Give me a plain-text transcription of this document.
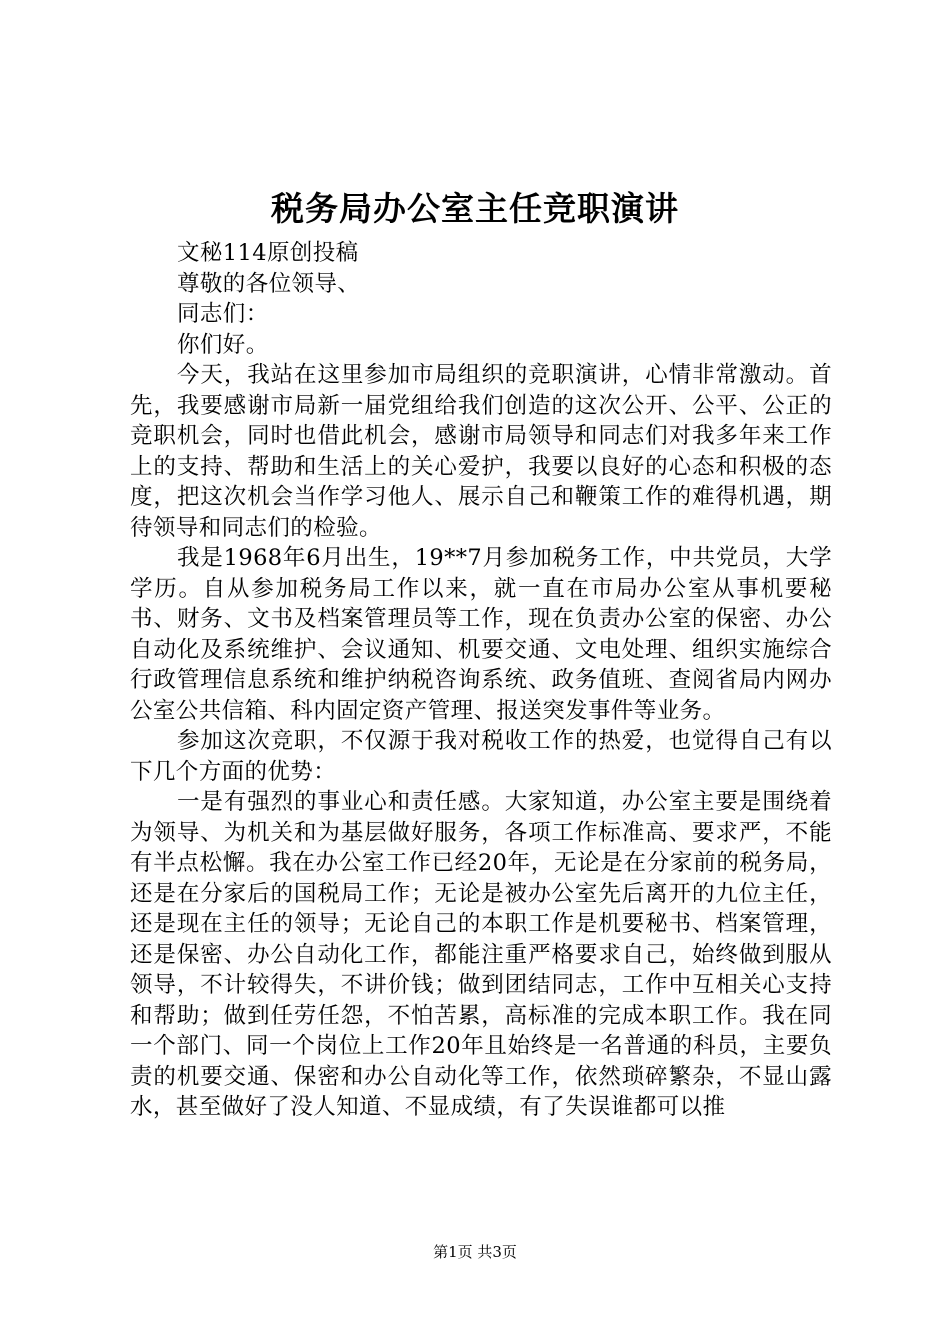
税务局办公室主任竞职演讲

文秘114原创投稿

尊敬的各位领导、

同志们：

你们好。

今天，我站在这里参加市局组织的竞职演讲，心情非常激动。首先，我要感谢市局新一届党组给我们创造的这次公开、公平、公正的竞职机会，同时也借此机会，感谢市局领导和同志们对我多年来工作上的支持、帮助和生活上的关心爱护，我要以良好的心态和积极的态度，把这次机会当作学习他人、展示自己和鞭策工作的难得机遇，期待领导和同志们的检验。

我是1968年6月出生，19**7月参加税务工作，中共党员，大学学历。自从参加税务局工作以来，就一直在市局办公室从事机要秘书、财务、文书及档案管理员等工作，现在负责办公室的保密、办公自动化及系统维护、会议通知、机要交通、文电处理、组织实施综合行政管理信息系统和维护纳税咨询系统、政务值班、查阅省局内网办公室公共信箱、科内固定资产管理、报送突发事件等业务。

参加这次竞职，不仅源于我对税收工作的热爱，也觉得自己有以下几个方面的优势：

一是有强烈的事业心和责任感。大家知道，办公室主要是围绕着为领导、为机关和为基层做好服务，各项工作标准高、要求严，不能有半点松懈。我在办公室工作已经20年，无论是在分家前的税务局，还是在分家后的国税局工作；无论是被办公室先后离开的九位主任，还是现在主任的领导；无论自己的本职工作是机要秘书、档案管理，还是保密、办公自动化工作，都能注重严格要求自己，始终做到服从领导，不计较得失，不讲价钱；做到团结同志，工作中互相关心支持和帮助；做到任劳任怨，不怕苦累，高标准的完成本职工作。我在同一个部门、同一个岗位上工作20年且始终是一名普通的科员，主要负责的机要交通、保密和办公自动化等工作，依然琐碎繁杂，不显山露水，甚至做好了没人知道、不显成绩，有了失误谁都可以推

第1页 共3页
